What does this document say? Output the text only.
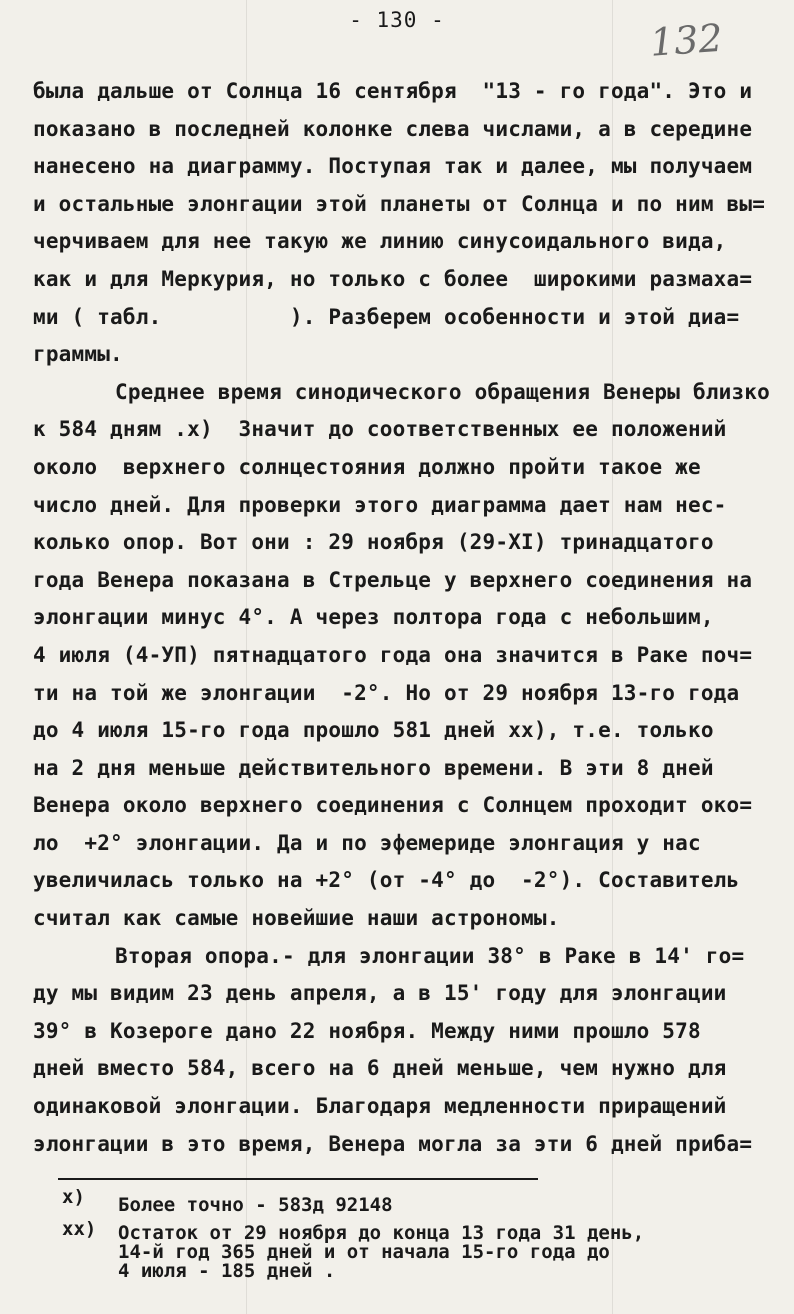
- 130 -	132
была дальше от Солнца 16 сентября  "13 - го года". Это и
показано в последней колонке слева числами, а в середине
нанесено на диаграмму. Поступая так и далее, мы получаем
и остальные элонгации этой планеты от Солнца и по ним вы=
черчиваем для нее такую же линию синусоидального вида,
как и для Меркурия, но только с более  широкими размаха=
ми ( табл.          ). Разберем особенности и этой диа=
граммы.
Среднее время синодического обращения Венеры близко
к 584 дням .x)  Значит до соответственных ее положений
около  верхнего солнцестояния должно пройти такое же
число дней. Для проверки этого диаграмма дает нам нес-
колько опор. Вот они : 29 ноября (29-XI) тринадцатого
года Венера показана в Стрельце у верхнего соединения на
элонгации минус 4°. А через полтора года с небольшим,
4 июля (4-УП) пятнадцатого года она значится в Раке поч=
ти на той же элонгации  -2°. Но от 29 ноября 13-го года
до 4 июля 15-го года прошло 581 дней xx), т.е. только
на 2 дня меньше действительного времени. В эти 8 дней
Венера около верхнего соединения с Солнцем проходит око=
ло  +2° элонгации. Да и по эфемериде элонгация у нас
увеличилась только на +2° (от -4° до  -2°). Составитель
считал как самые новейшие наши астрономы.
Вторая опора.- для элонгации 38° в Раке в 14' го=
ду мы видим 23 день апреля, а в 15' году для элонгации
39° в Козероге дано 22 ноября. Между ними прошло 578
дней вместо 584, всего на 6 дней меньше, чем нужно для
одинаковой элонгации. Благодаря медленности приращений
элонгации в это время, Венера могла за эти 6 дней приба=
x)	Более точно - 583д 92148
xx)	Остаток от 29 ноября до конца 13 года 31 день,
14-й год 365 дней и от начала 15-го года до
4 июля - 185 дней .
